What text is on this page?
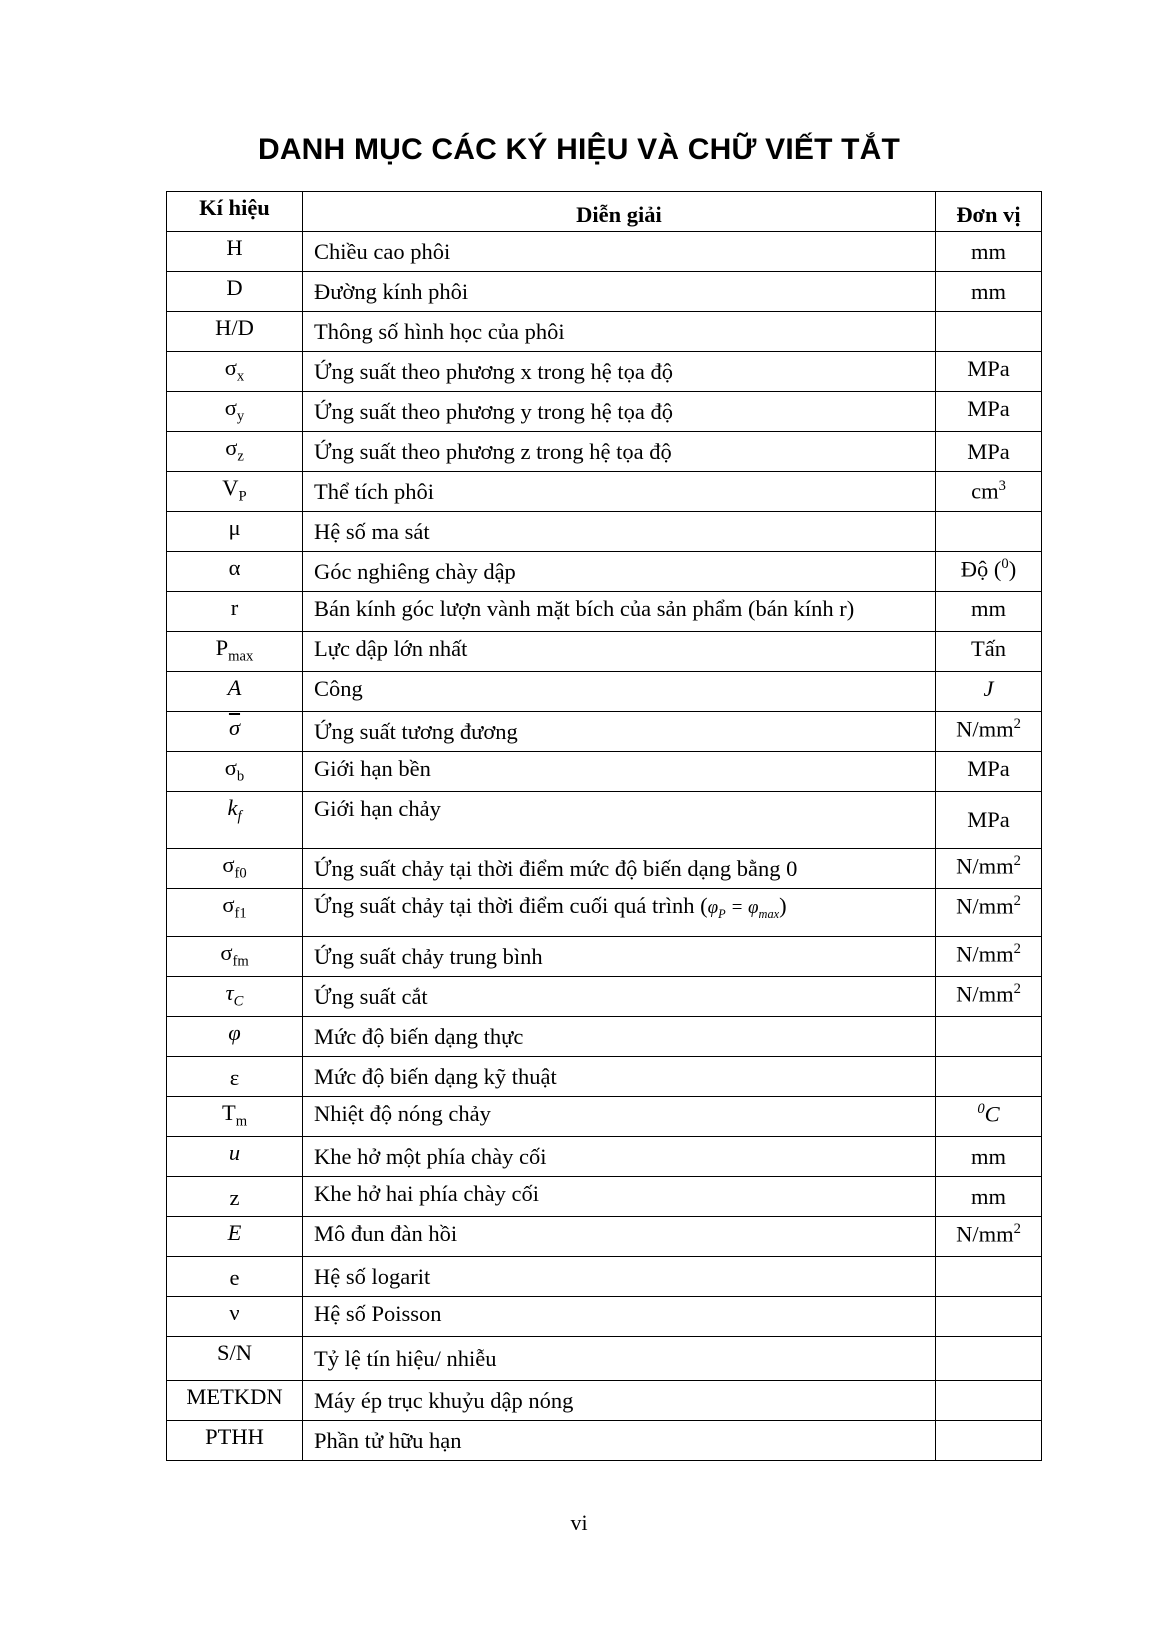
DANH MỤC CÁC KÝ HIỆU VÀ CHỮ VIẾT TẮT
Kí hiệu	Diễn giải	Đơn vị
H	Chiều cao phôi	mm
D	Đường kính phôi	mm
H/D	Thông số hình học của phôi	
$\sigma_x$	Ứng suất theo phương x trong hệ tọa độ	MPa
$\sigma_y$	Ứng suất theo phương y trong hệ tọa độ	MPa
$\sigma_z$	Ứng suất theo phương z trong hệ tọa độ	MPa
$V_P$	Thể tích phôi	$cm^3$
μ	Hệ số ma sát	
α	Góc nghiêng chày dập	Độ ($^0$)
r	Bán kính góc lượn vành mặt bích của sản phẩm (bán kính r)	mm
$P_{max}$	Lực dập lớn nhất	Tấn
A	Công	J
$\overline{\sigma}$	Ứng suất tương đương	$N/mm^2$
$\sigma_b$	Giới hạn bền	MPa
$k_f$	Giới hạn chảy	MPa
$\sigma_{f0}$	Ứng suất chảy tại thời điểm mức độ biến dạng bằng 0	$N/mm^2$
$\sigma_{f1}$	Ứng suất chảy tại thời điểm cuối quá trình $(\varphi_P = \varphi_{max})$	$N/mm^2$
$\sigma_{fm}$	Ứng suất chảy trung bình	$N/mm^2$
$\tau_C$	Ứng suất cắt	$N/mm^2$
φ	Mức độ biến dạng thực	
ε	Mức độ biến dạng kỹ thuật	
$T_m$	Nhiệt độ nóng chảy	$^0$C
u	Khe hở một phía chày cối	mm
z	Khe hở hai phía chày cối	mm
E	Mô đun đàn hồi	$N/mm^2$
e	Hệ số logarit	
ν	Hệ số Poisson	
S/N	Tỷ lệ tín hiệu/ nhiễu	
METKDN	Máy ép trục khuỷu dập nóng	
PTHH	Phần tử hữu hạn	
vi
